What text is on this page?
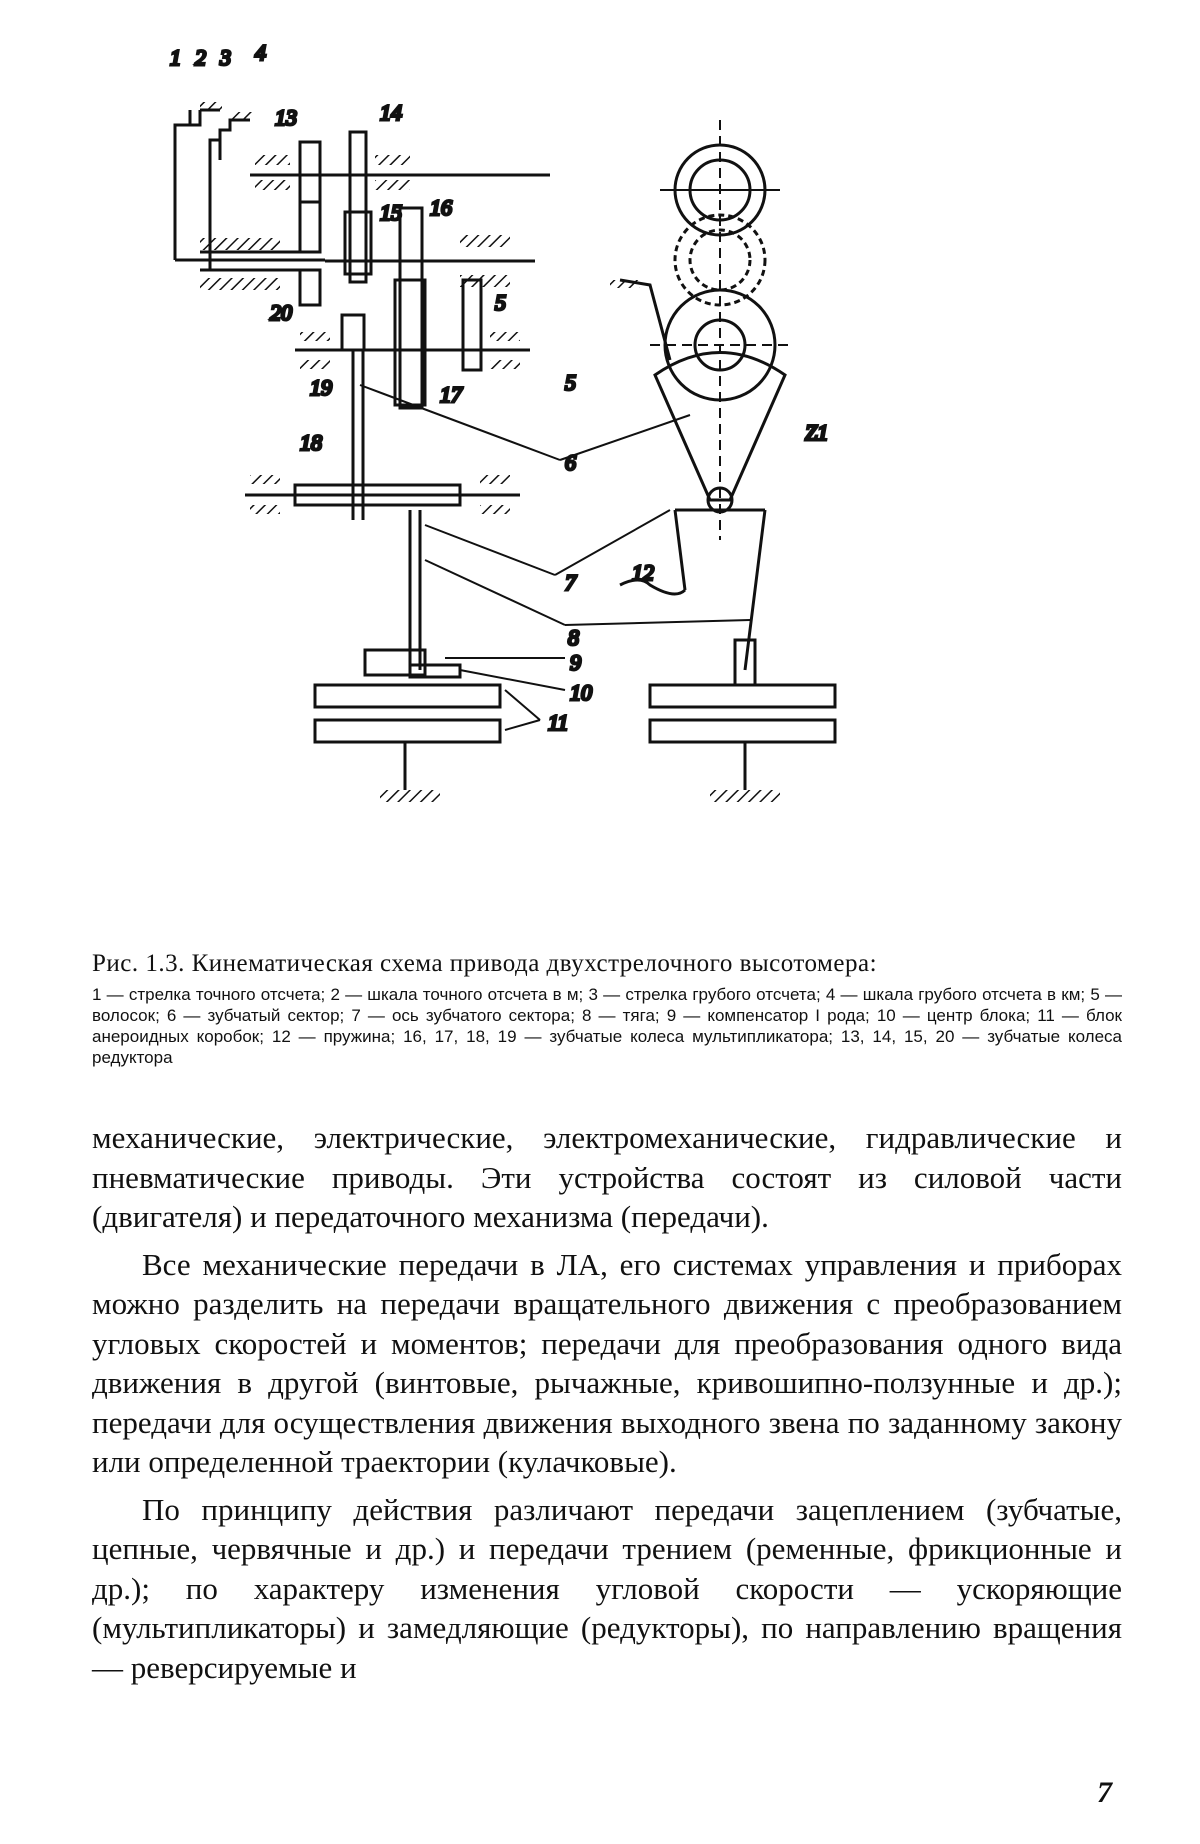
1 2 3 4
13	14
15 16
20	5
19	17
18
5
6
Z1
7	12
8
9
10
11

Рис. 1.3. Кинематическая схема привода двухстрелочного высотомера:

1 — стрелка точного отсчета; 2 — шкала точного отсчета в м; 3 — стрелка грубого отсчета; 4 — шкала грубого отсчета в км; 5 — волосок; 6 — зубчатый сектор; 7 — ось зубчатого сектора; 8 — тяга; 9 — компенсатор I рода; 10 — центр блока; 11 — блок анероидных коробок; 12 — пружина; 16, 17, 18, 19 — зубчатые колеса мультипликатора; 13, 14, 15, 20 — зубчатые колеса редуктора

механические, электрические, электромеханические, гидравлические и пневматические приводы. Эти устройства состоят из силовой части (двигателя) и передаточного механизма (передачи).

Все механические передачи в ЛА, его системах управления и приборах можно разделить на передачи вращательного движения с преобразованием угловых скоростей и моментов; передачи для преобразования одного вида движения в другой (винтовые, рычажные, кривошипно-ползунные и др.); передачи для осуществления движения выходного звена по заданному закону или определенной траектории (кулачковые).

По принципу действия различают передачи зацеплением (зубчатые, цепные, червячные и др.) и передачи трением (ременные, фрикционные и др.); по характеру изменения угловой скорости — ускоряющие (мультипликаторы) и замедляющие (редукторы), по направлению вращения — реверсируемые и

7
